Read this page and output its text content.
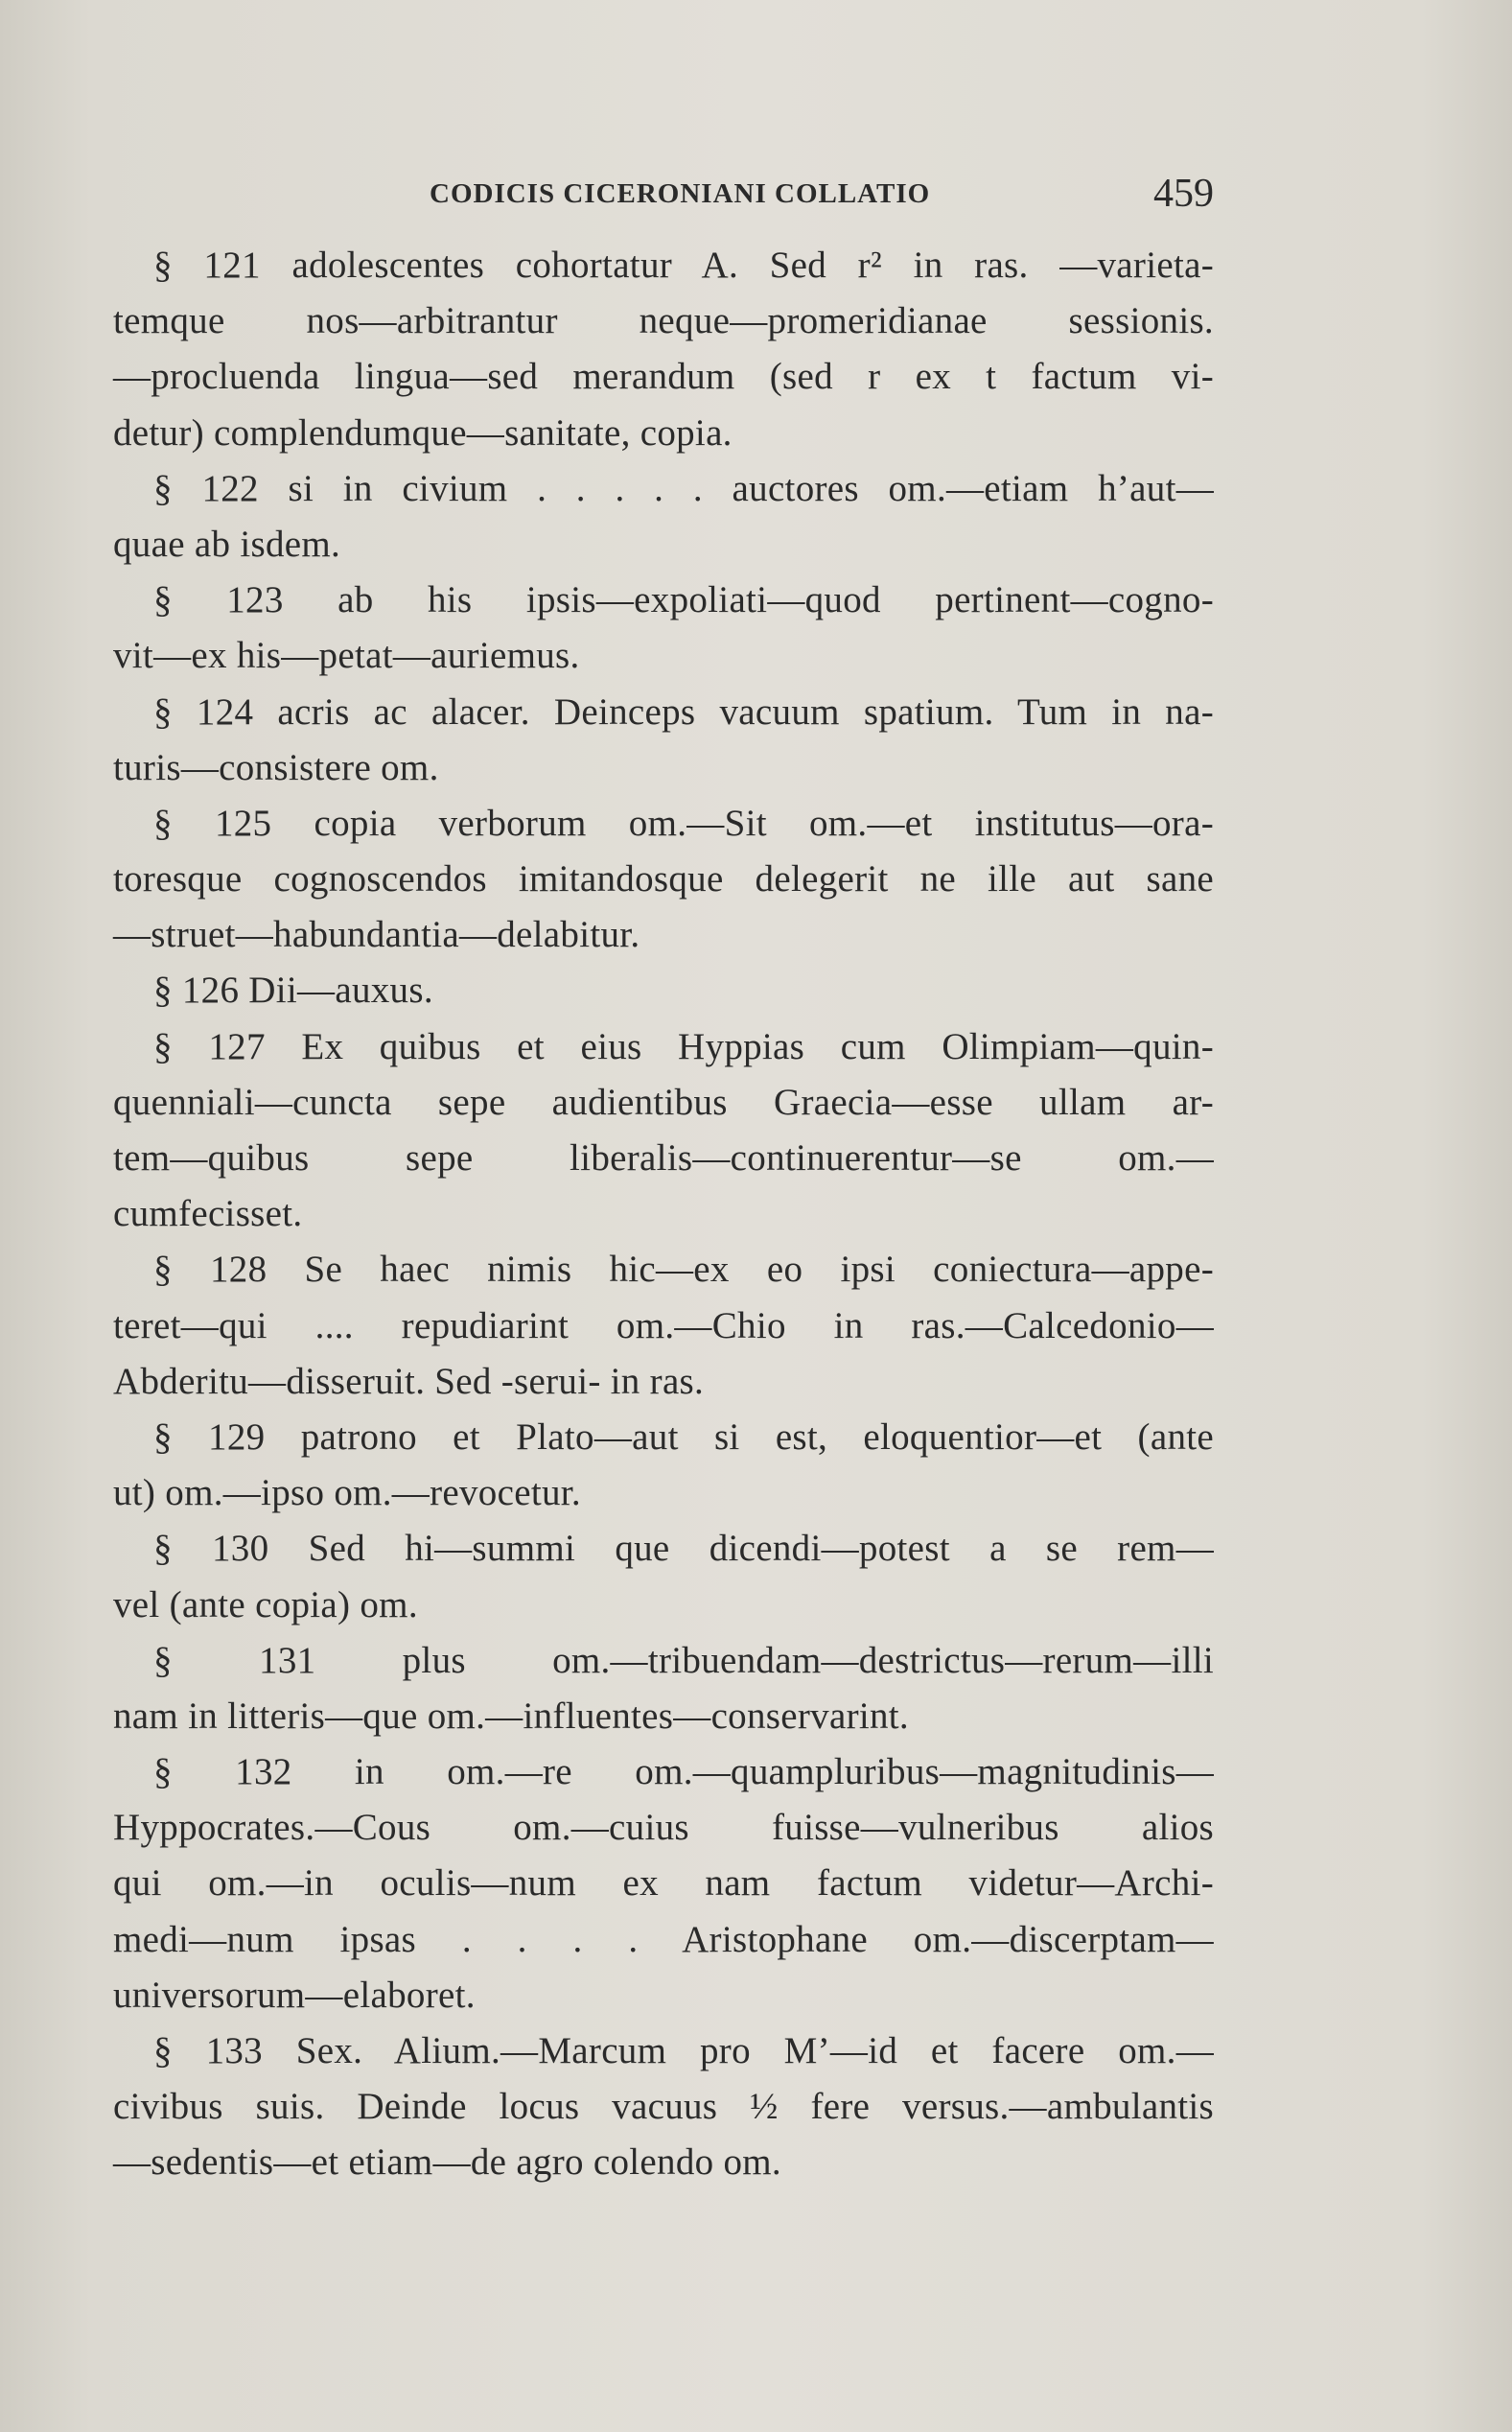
CODICIS CICERONIANI COLLATIO	459
§ 121 adolescentes cohortatur A. Sed r² in ras. —varieta-
temque nos—arbitrantur neque—promeridianae sessionis.
—procluenda lingua—sed merandum (sed r ex t factum vi-
detur) complendumque—sanitate, copia.
§ 122 si in civium . . . . . auctores om.—etiam h’aut—
quae ab isdem.
§ 123 ab his ipsis—expoliati—quod pertinent—cogno-
vit—ex his—petat—auriemus.
§ 124 acris ac alacer. Deinceps vacuum spatium. Tum in na-
turis—consistere om.
§ 125 copia verborum om.—Sit om.—et institutus—ora-
toresque cognoscendos imitandosque delegerit ne ille aut sane
—struet—habundantia—delabitur.
§ 126 Dii—auxus.
§ 127 Ex quibus et eius Hyppias cum Olimpiam—quin-
quenniali—cuncta sepe audientibus Graecia—esse ullam ar-
tem—quibus sepe liberalis—continuerentur—se om.—
cumfecisset.
§ 128 Se haec nimis hic—ex eo ipsi coniectura—appe-
teret—qui .... repudiarint om.—Chio in ras.—Calcedonio—
Abderitu—disseruit. Sed -serui- in ras.
§ 129 patrono et Plato—aut si est, eloquentior—et (ante
ut) om.—ipso om.—revocetur.
§ 130 Sed hi—summi que dicendi—potest a se rem—
vel (ante copia) om.
§ 131 plus om.—tribuendam—destrictus—rerum—illi
nam in litteris—que om.—influentes—conservarint.
§ 132 in om.—re om.—quampluribus—magnitudinis—
Hyppocrates.—Cous om.—cuius fuisse—vulneribus alios
qui om.—in oculis—num ex nam factum videtur—Archi-
medi—num ipsas . . . . Aristophane om.—discerptam—
universorum—elaboret.
§ 133 Sex. Alium.—Marcum pro M’—id et facere om.—
civibus suis. Deinde locus vacuus ½ fere versus.—ambulantis
—sedentis—et etiam—de agro colendo om.
